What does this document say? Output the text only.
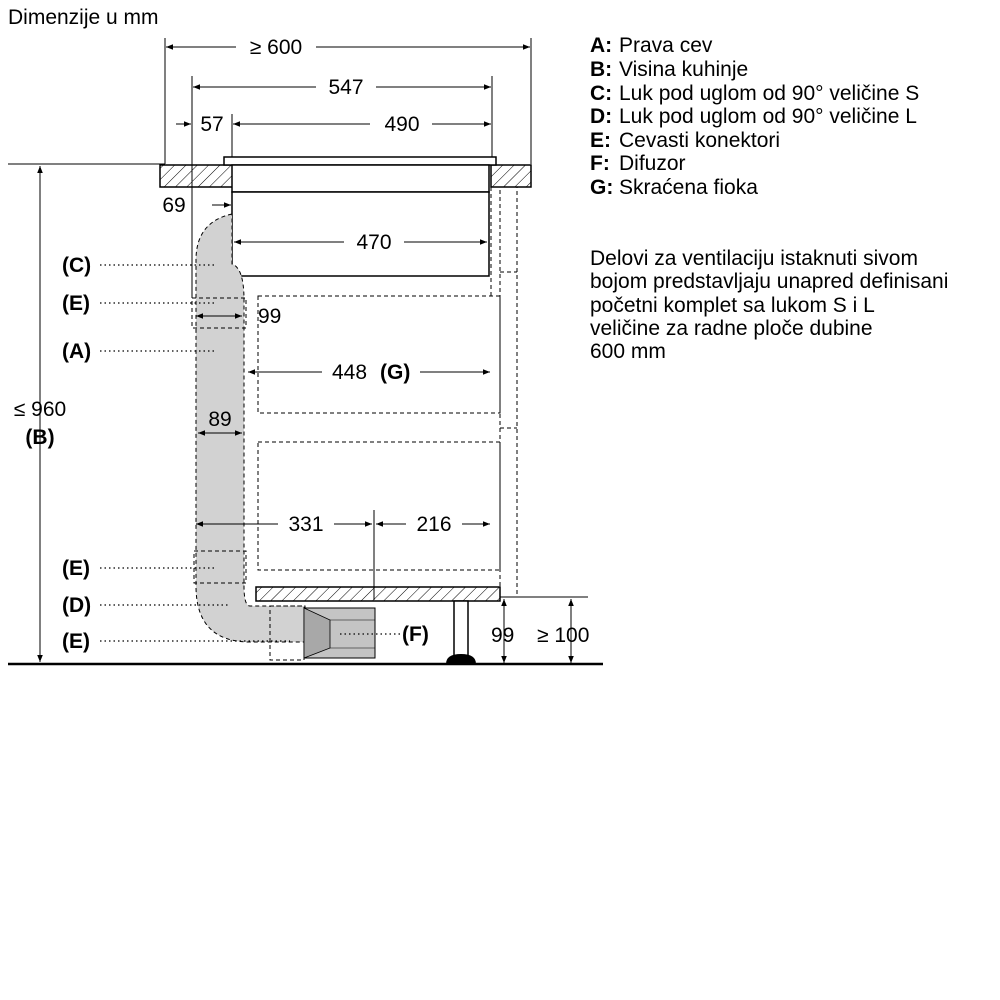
Dimenzije u mm
≥ 600
547
57	490
69
470
99
448 (G)
89
331	216
99 ≥ 100
≤ 960
(B)
(C)
(E)
(A)
(E)
(D)
(E)	(F)
A: Prava cev
B: Visina kuhinje
C: Luk pod uglom od 90° veličine S
D: Luk pod uglom od 90° veličine L
E: Cevasti konektori
F: Difuzor
G: Skraćena fioka
Delovi za ventilaciju istaknuti sivom
bojom predstavljaju unapred definisani
početni komplet sa lukom S i L
veličine za radne ploče dubine
600 mm
